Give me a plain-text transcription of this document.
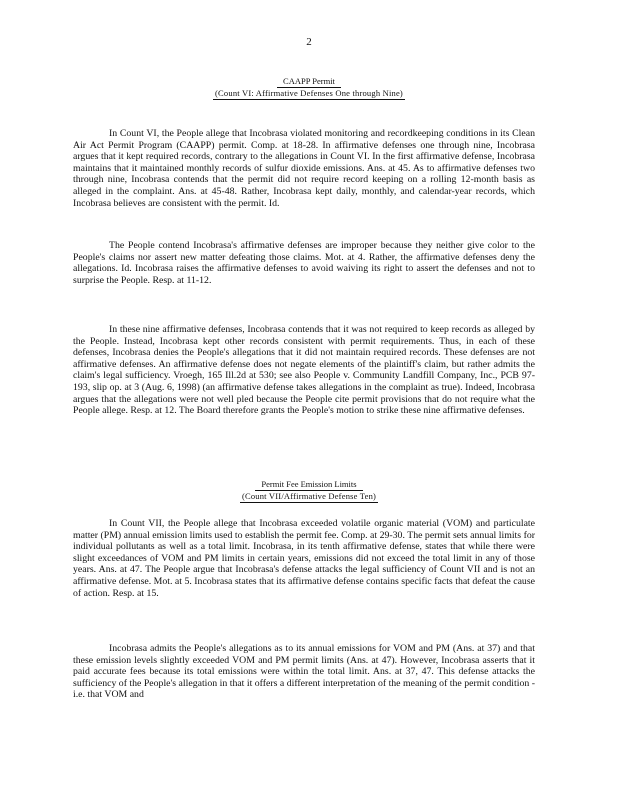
2
CAAPP Permit
(Count VI: Affirmative Defenses One through Nine)

In Count VI, the People allege that Incobrasa violated monitoring and recordkeeping conditions in its Clean Air Act Permit Program (CAAPP) permit. Comp. at 18-28. In affirmative defenses one through nine, Incobrasa argues that it kept required records, contrary to the allegations in Count VI. In the first affirmative defense, Incobrasa maintains that it maintained monthly records of sulfur dioxide emissions. Ans. at 45. As to affirmative defenses two through nine, Incobrasa contends that the permit did not require record keeping on a rolling 12-month basis as alleged in the complaint. Ans. at 45-48. Rather, Incobrasa kept daily, monthly, and calendar-year records, which Incobrasa believes are consistent with the permit. Id.

The People contend Incobrasa's affirmative defenses are improper because they neither give color to the People's claims nor assert new matter defeating those claims. Mot. at 4. Rather, the affirmative defenses deny the allegations. Id. Incobrasa raises the affirmative defenses to avoid waiving its right to assert the defenses and not to surprise the People. Resp. at 11-12.

In these nine affirmative defenses, Incobrasa contends that it was not required to keep records as alleged by the People. Instead, Incobrasa kept other records consistent with permit requirements. Thus, in each of these defenses, Incobrasa denies the People's allegations that it did not maintain required records. These defenses are not affirmative defenses. An affirmative defense does not negate elements of the plaintiff's claim, but rather admits the claim's legal sufficiency. Vroegh, 165 Ill.2d at 530; see also People v. Community Landfill Company, Inc., PCB 97-193, slip op. at 3 (Aug. 6, 1998) (an affirmative defense takes allegations in the complaint as true). Indeed, Incobrasa argues that the allegations were not well pled because the People cite permit provisions that do not require what the People allege. Resp. at 12. The Board therefore grants the People's motion to strike these nine affirmative defenses.

Permit Fee Emission Limits
(Count VII/Affirmative Defense Ten)

In Count VII, the People allege that Incobrasa exceeded volatile organic material (VOM) and particulate matter (PM) annual emission limits used to establish the permit fee. Comp. at 29-30. The permit sets annual limits for individual pollutants as well as a total limit. Incobrasa, in its tenth affirmative defense, states that while there were slight exceedances of VOM and PM limits in certain years, emissions did not exceed the total limit in any of those years. Ans. at 47. The People argue that Incobrasa's defense attacks the legal sufficiency of Count VII and is not an affirmative defense. Mot. at 5. Incobrasa states that its affirmative defense contains specific facts that defeat the cause of action. Resp. at 15.

Incobrasa admits the People's allegations as to its annual emissions for VOM and PM (Ans. at 37) and that these emission levels slightly exceeded VOM and PM permit limits (Ans. at 47). However, Incobrasa asserts that it paid accurate fees because its total emissions were within the total limit. Ans. at 37, 47. This defense attacks the sufficiency of the People's allegation in that it offers a different interpretation of the meaning of the permit condition - i.e. that VOM and
